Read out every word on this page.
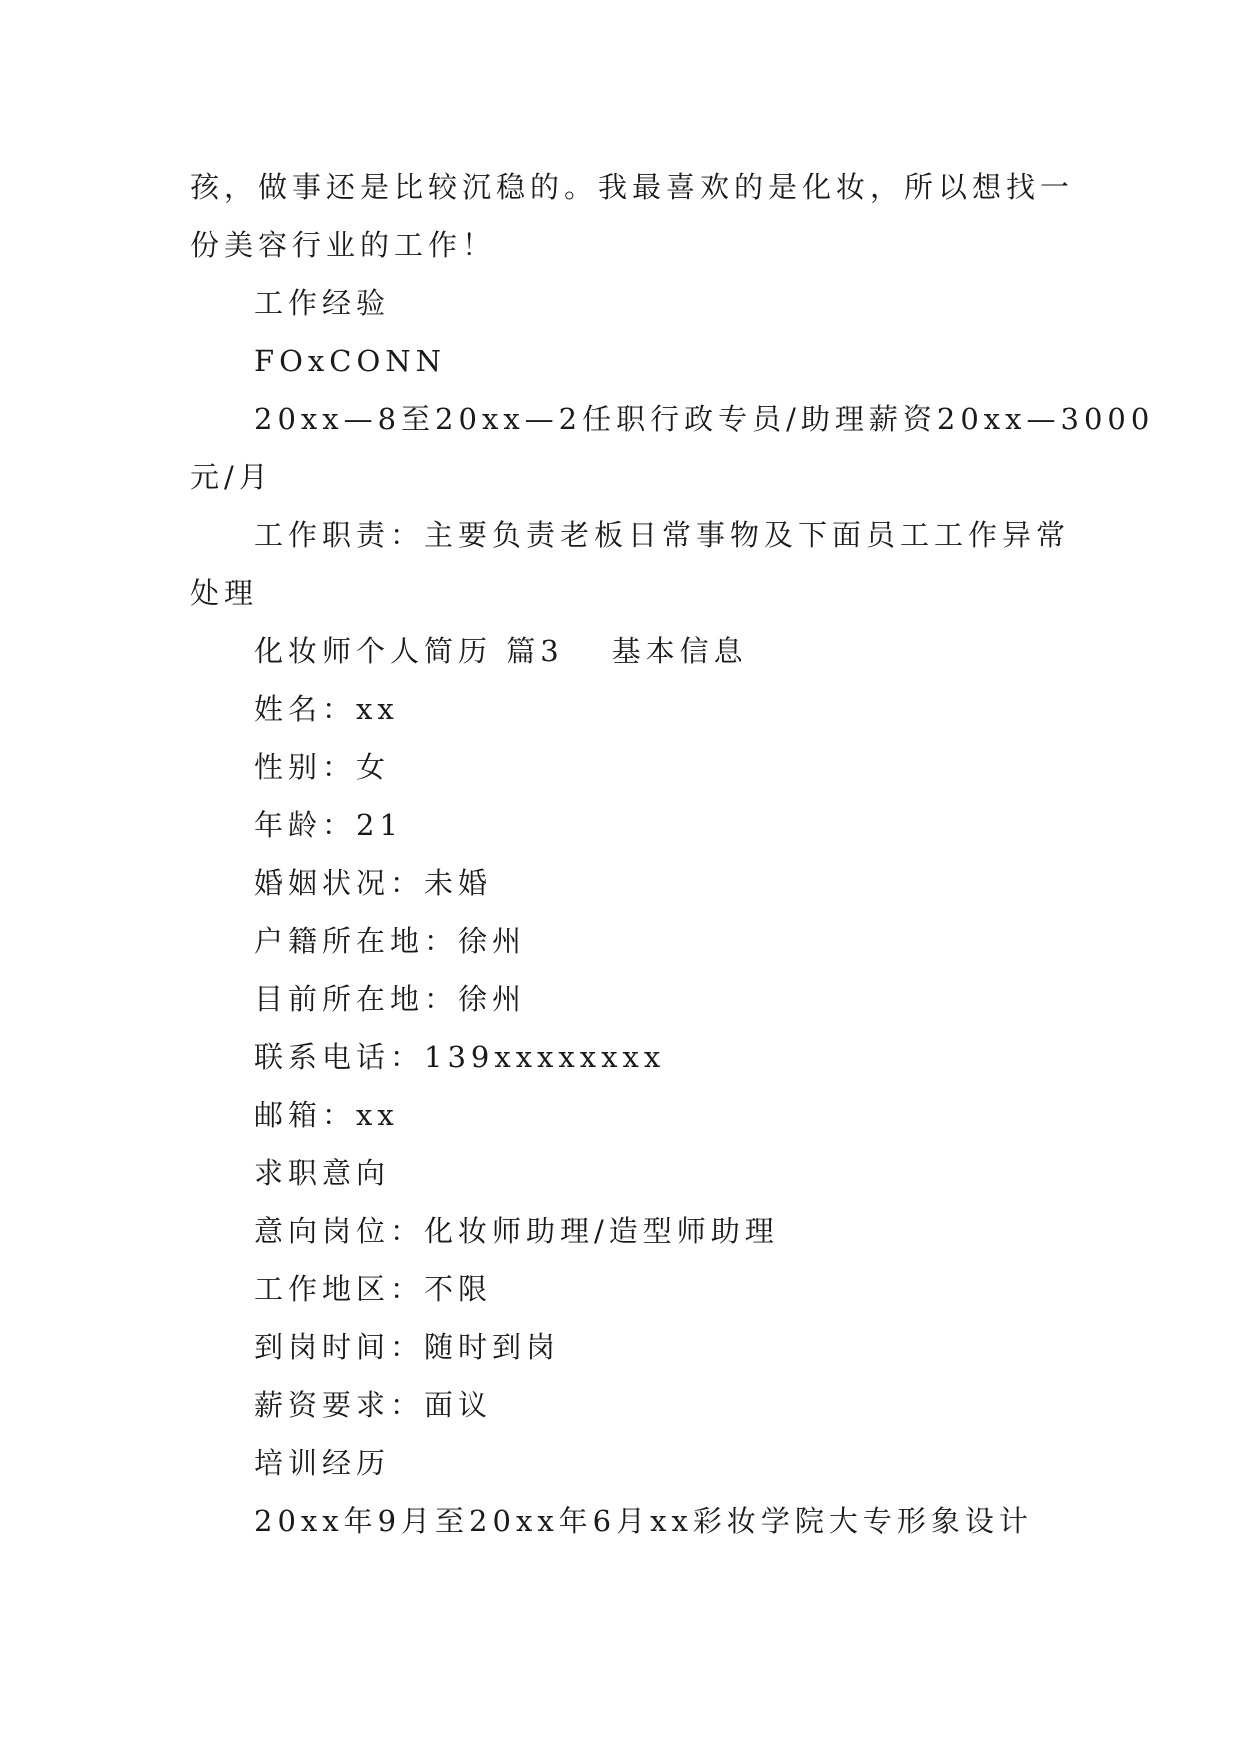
孩，做事还是比较沉稳的。我最喜欢的是化妆，所以想找一
份美容行业的工作！
工作经验
FOxCONN
20xx—8至20xx—2任职行政专员/助理薪资20xx—3000
元/月
工作职责：主要负责老板日常事物及下面员工工作异常
处理
化妆师个人简历 篇3 基本信息
姓名：xx
性别：女
年龄：21
婚姻状况：未婚
户籍所在地：徐州
目前所在地：徐州
联系电话：139xxxxxxxx
邮箱：xx
求职意向
意向岗位：化妆师助理/造型师助理
工作地区：不限
到岗时间：随时到岗
薪资要求：面议
培训经历
20xx年9月至20xx年6月xx彩妆学院大专形象设计
